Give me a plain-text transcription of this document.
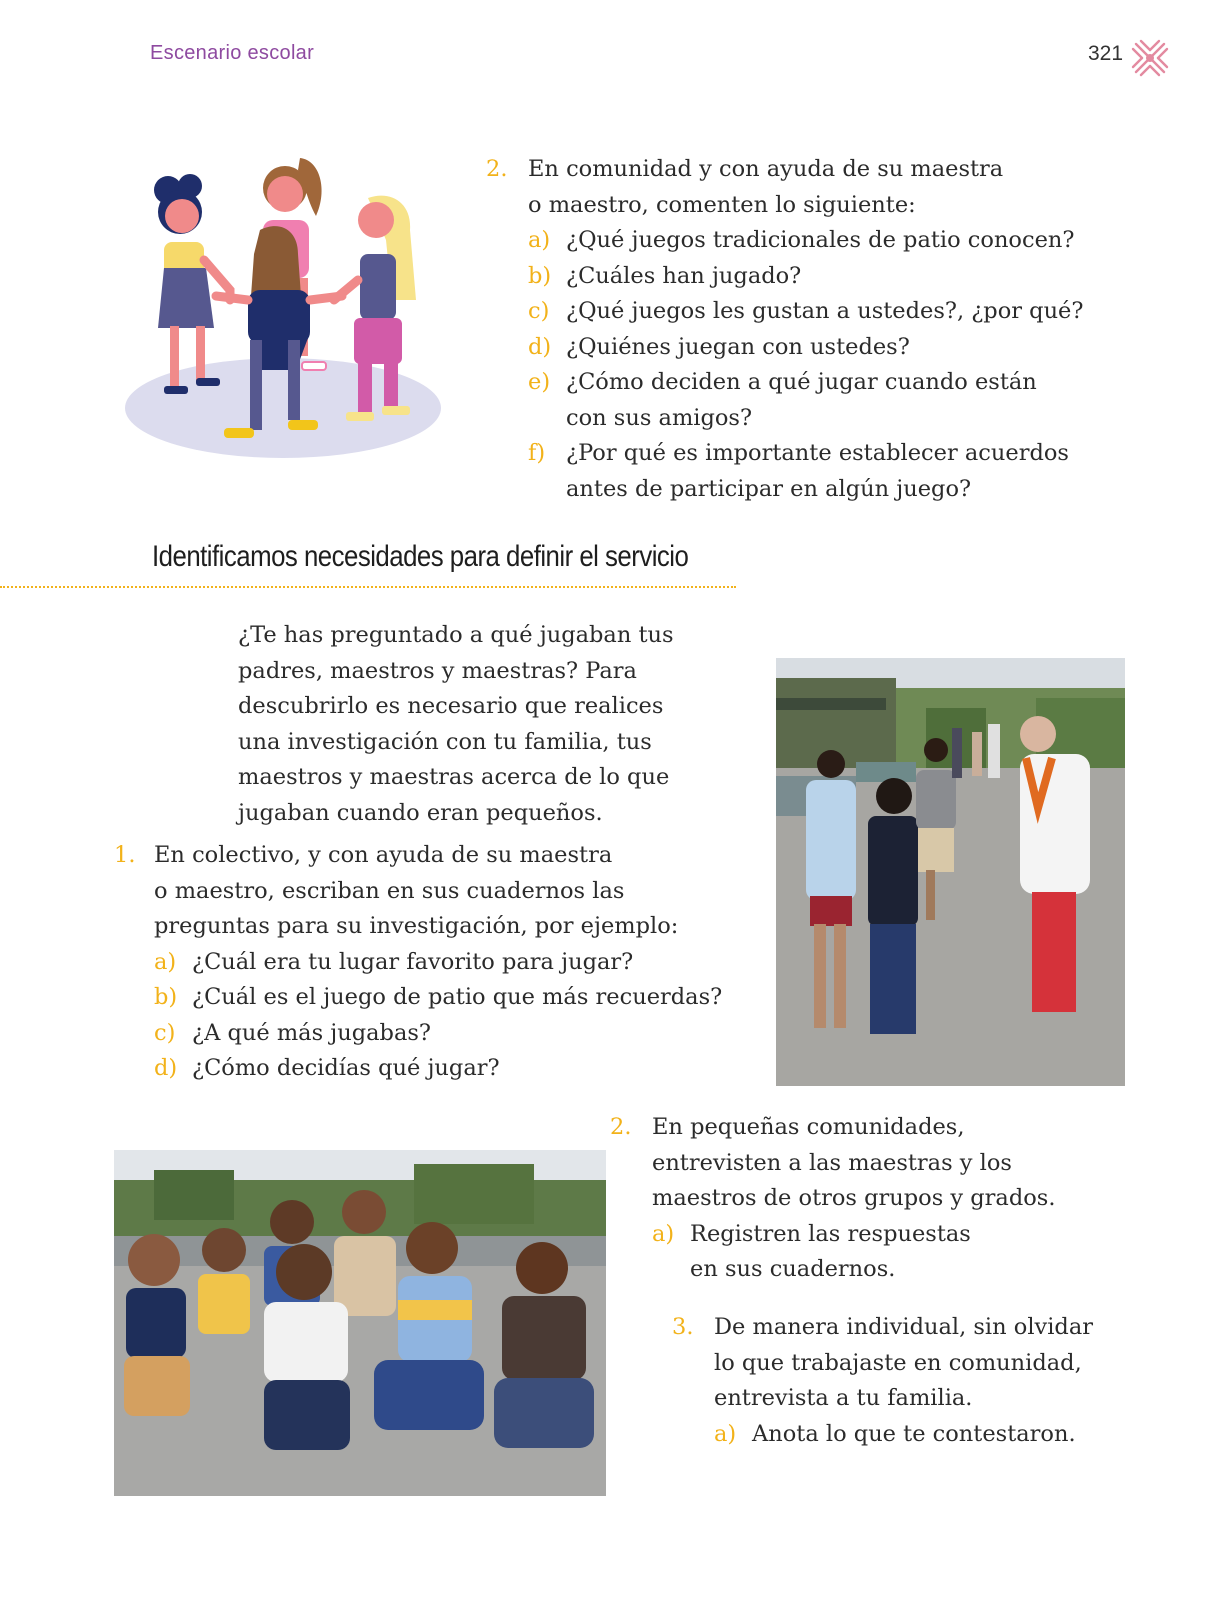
Escenario escolar	321
2. En comunidad y con ayuda de su maestra
o maestro, comenten lo siguiente:
a) ¿Qué juegos tradicionales de patio conocen?
b) ¿Cuáles han jugado?
c) ¿Qué juegos les gustan a ustedes?, ¿por qué?
d) ¿Quiénes juegan con ustedes?
e) ¿Cómo deciden a qué jugar cuando están
con sus amigos?
f) ¿Por qué es importante establecer acuerdos
antes de participar en algún juego?
Identificamos necesidades para definir el servicio
¿Te has preguntado a qué jugaban tus
padres, maestros y maestras? Para
descubrirlo es necesario que realices
una investigación con tu familia, tus
maestros y maestras acerca de lo que
jugaban cuando eran pequeños.
1. En colectivo, y con ayuda de su maestra
o maestro, escriban en sus cuadernos las
preguntas para su investigación, por ejemplo:
a) ¿Cuál era tu lugar favorito para jugar?
b) ¿Cuál es el juego de patio que más recuerdas?
c) ¿A qué más jugabas?
d) ¿Cómo decidías qué jugar?
2. En pequeñas comunidades,
entrevisten a las maestras y los
maestros de otros grupos y grados.
a) Registren las respuestas
en sus cuadernos.
3. De manera individual, sin olvidar
lo que trabajaste en comunidad,
entrevista a tu familia.
a) Anota lo que te contestaron.
